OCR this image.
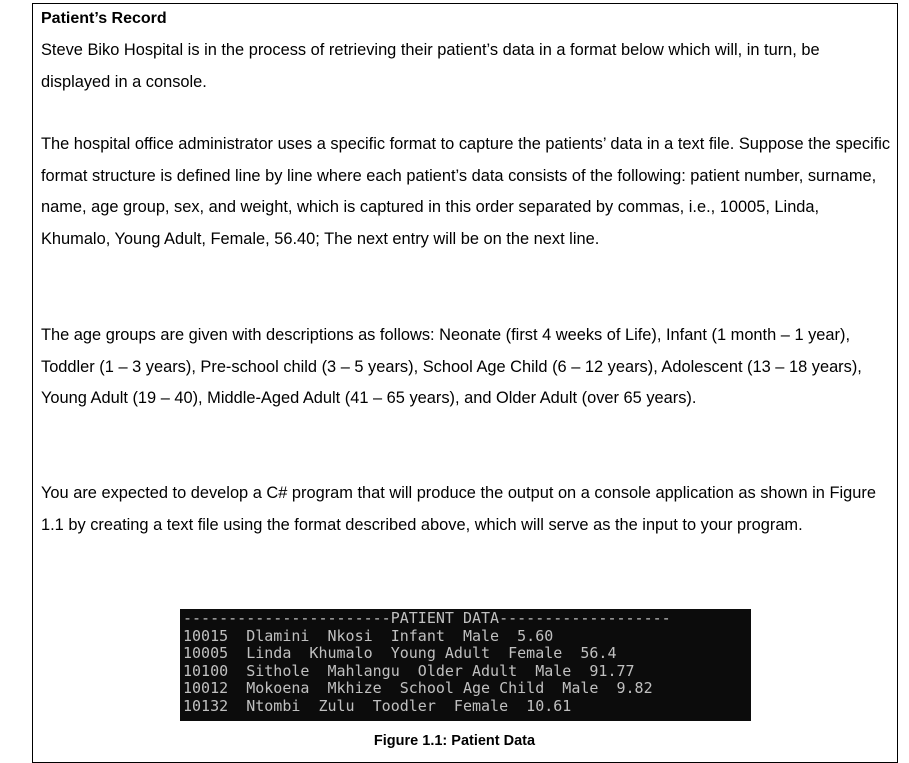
Patient’s Record

Steve Biko Hospital is in the process of retrieving their patient’s data in a format below which will, in turn, be displayed in a console.

The hospital office administrator uses a specific format to capture the patients’ data in a text file. Suppose the specific format structure is defined line by line where each patient’s data consists of the following: patient number, surname, name, age group, sex, and weight, which is captured in this order separated by commas, i.e., 10005, Linda, Khumalo, Young Adult, Female, 56.40; The next entry will be on the next line.

The age groups are given with descriptions as follows: Neonate (first 4 weeks of Life), Infant (1 month – 1 year), Toddler (1 – 3 years), Pre-school child (3 – 5 years), School Age Child (6 – 12 years), Adolescent (13 – 18 years), Young Adult (19 – 40), Middle-Aged Adult (41 – 65 years), and Older Adult (over 65 years).

You are expected to develop a C# program that will produce the output on a console application as shown in Figure 1.1 by creating a text file using the format described above, which will serve as the input to your program.

-----------------------PATIENT DATA-------------------
10015  Dlamini  Nkosi  Infant  Male  5.60
10005  Linda  Khumalo  Young Adult  Female  56.4
10100  Sithole  Mahlangu  Older Adult  Male  91.77
10012  Mokoena  Mkhize  School Age Child  Male  9.82
10132  Ntombi  Zulu  Toodler  Female  10.61
Figure 1.1: Patient Data
